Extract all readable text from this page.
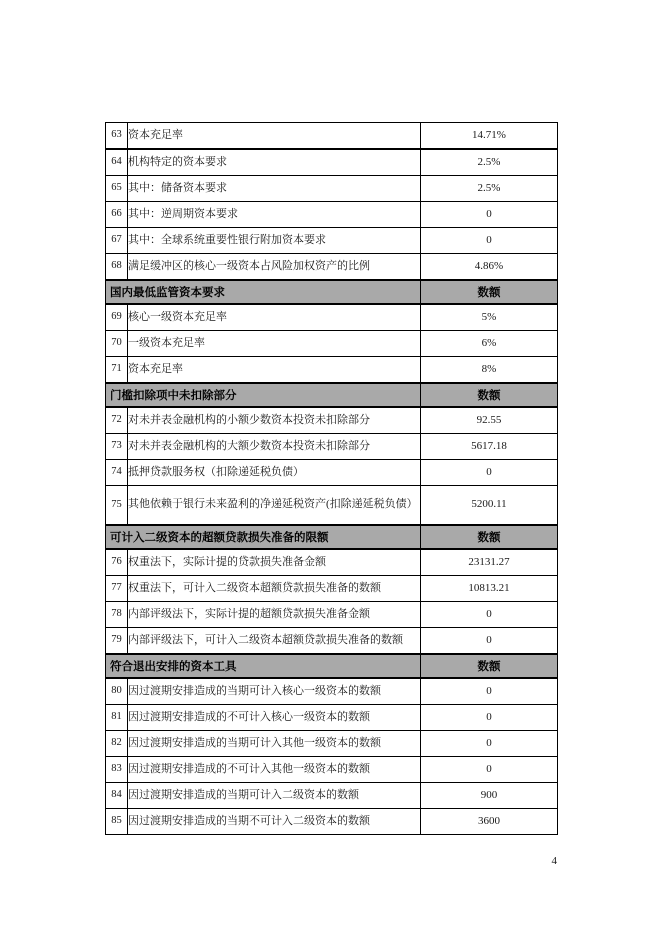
63	资本充足率	14.71%
64	机构特定的资本要求	2.5%
65	其中：储备资本要求	2.5%
66	其中：逆周期资本要求	0
67	其中：全球系统重要性银行附加资本要求	0
68	满足缓冲区的核心一级资本占风险加权资产的比例	4.86%
国内最低监管资本要求		数额
69	核心一级资本充足率	5%
70	一级资本充足率	6%
71	资本充足率	8%
门槛扣除项中未扣除部分		数额
72	对未并表金融机构的小额少数资本投资未扣除部分	92.55
73	对未并表金融机构的大额少数资本投资未扣除部分	5617.18
74	抵押贷款服务权（扣除递延税负债）	0
75	其他依赖于银行未来盈利的净递延税资产(扣除递延税负债）	5200.11
可计入二级资本的超额贷款损失准备的限额		数额
76	权重法下，实际计提的贷款损失准备金额	23131.27
77	权重法下，可计入二级资本超额贷款损失准备的数额	10813.21
78	内部评级法下，实际计提的超额贷款损失准备金额	0
79	内部评级法下，可计入二级资本超额贷款损失准备的数额	0
符合退出安排的资本工具		数额
80	因过渡期安排造成的当期可计入核心一级资本的数额	0
81	因过渡期安排造成的不可计入核心一级资本的数额	0
82	因过渡期安排造成的当期可计入其他一级资本的数额	0
83	因过渡期安排造成的不可计入其他一级资本的数额	0
84	因过渡期安排造成的当期可计入二级资本的数额	900
85	因过渡期安排造成的当期不可计入二级资本的数额	3600
4
